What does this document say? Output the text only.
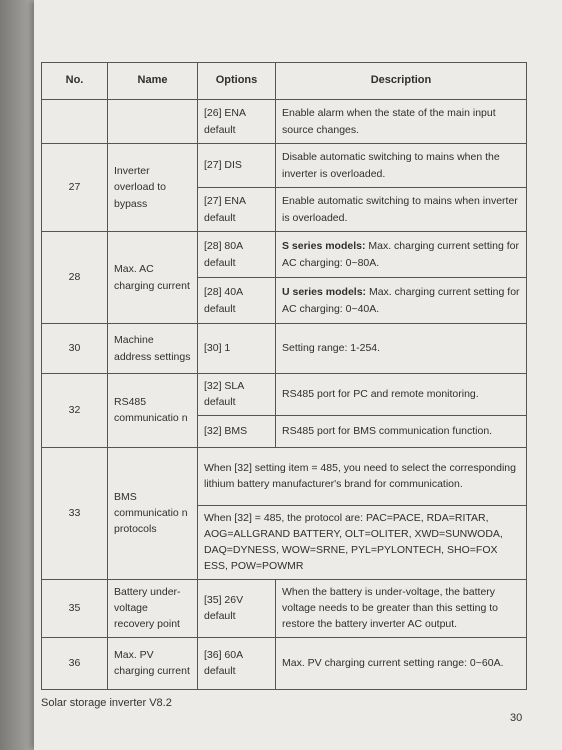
No.	Name	Options	Description
		[26] ENA default	Enable alarm when the state of the main input source changes.
27	Inverter overload to bypass	[27] DIS	Disable automatic switching to mains when the inverter is overloaded.
		[27] ENA default	Enable automatic switching to mains when inverter is overloaded.
28	Max. AC charging current	[28] 80A default	S series models: Max. charging current setting for AC charging: 0~80A.
		[28] 40A default	U series models: Max. charging current setting for AC charging: 0~40A.
30	Machine address settings	[30] 1	Setting range: 1-254.
32	RS485 communicatio n	[32] SLA default	RS485 port for PC and remote monitoring.
		[32] BMS	RS485 port for BMS communication function.
33	BMS communicatio n protocols	When [32] setting item = 485, you need to select the corresponding lithium battery manufacturer's brand for communication.	
		When [32] = 485, the protocol are: PAC=PACE, RDA=RITAR, AOG=ALLGRAND BATTERY, OLT=OLITER, XWD=SUNWODA, DAQ=DYNESS, WOW=SRNE, PYL=PYLONTECH, SHO=FOX ESS, POW=POWMR	
35	Battery under-voltage recovery point	[35] 26V default	When the battery is under-voltage, the battery voltage needs to be greater than this setting to restore the battery inverter AC output.
36	Max. PV charging current	[36] 60A default	Max. PV charging current setting range: 0~60A.
Solar storage inverter V8.2
30
